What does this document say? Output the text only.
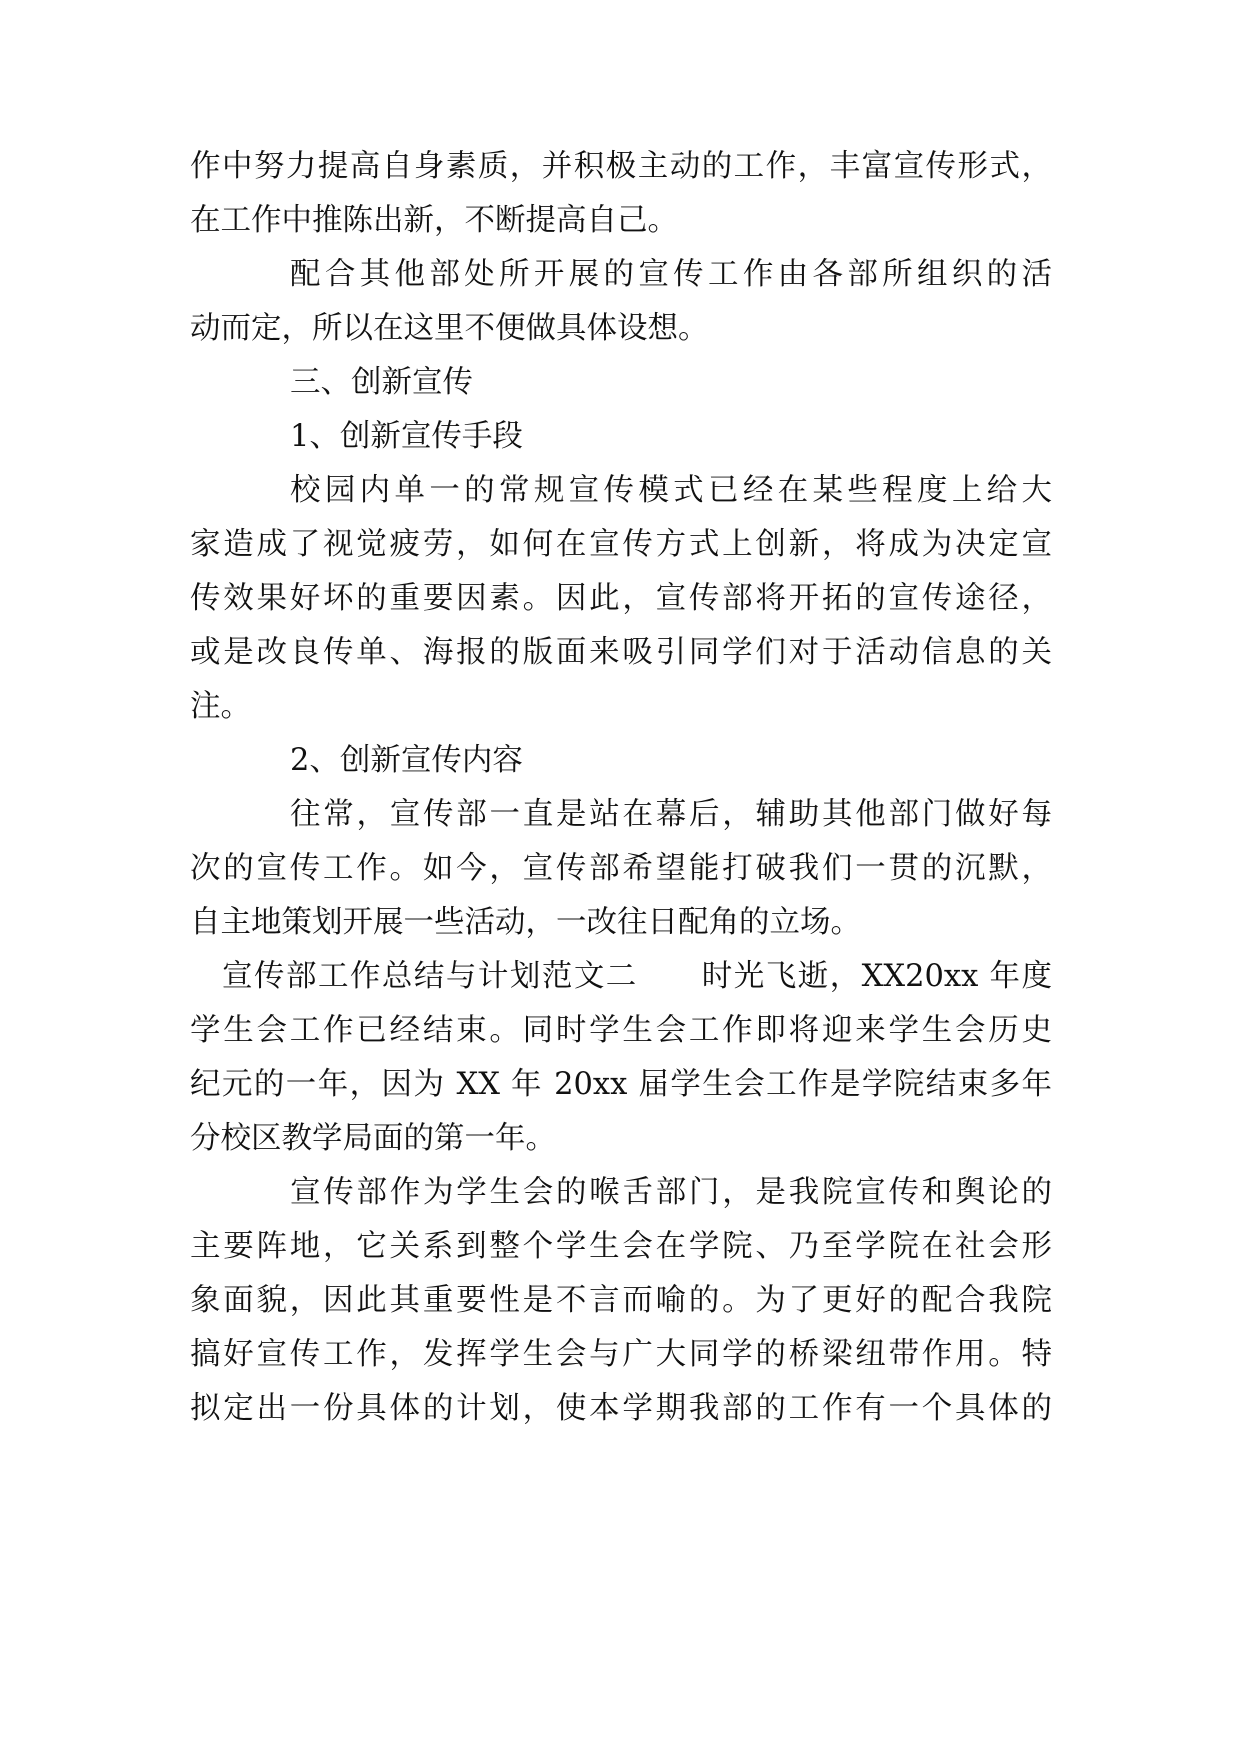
作中努力提高自身素质，并积极主动的工作，丰富宣传形式，
在工作中推陈出新，不断提高自己。
配合其他部处所开展的宣传工作由各部所组织的活
动而定，所以在这里不便做具体设想。
三、创新宣传
1、创新宣传手段
校园内单一的常规宣传模式已经在某些程度上给大
家造成了视觉疲劳，如何在宣传方式上创新，将成为决定宣
传效果好坏的重要因素。因此，宣传部将开拓的宣传途径，
或是改良传单、海报的版面来吸引同学们对于活动信息的关
注。
2、创新宣传内容
往常，宣传部一直是站在幕后，辅助其他部门做好每
次的宣传工作。如今，宣传部希望能打破我们一贯的沉默，
自主地策划开展一些活动，一改往日配角的立场。
宣传部工作总结与计划范文二　　时光飞逝，XX20xx 年度
学生会工作已经结束。同时学生会工作即将迎来学生会历史
纪元的一年，因为 XX 年 20xx 届学生会工作是学院结束多年
分校区教学局面的第一年。
宣传部作为学生会的喉舌部门，是我院宣传和舆论的
主要阵地，它关系到整个学生会在学院、乃至学院在社会形
象面貌，因此其重要性是不言而喻的。为了更好的配合我院
搞好宣传工作，发挥学生会与广大同学的桥梁纽带作用。特
拟定出一份具体的计划，使本学期我部的工作有一个具体的
